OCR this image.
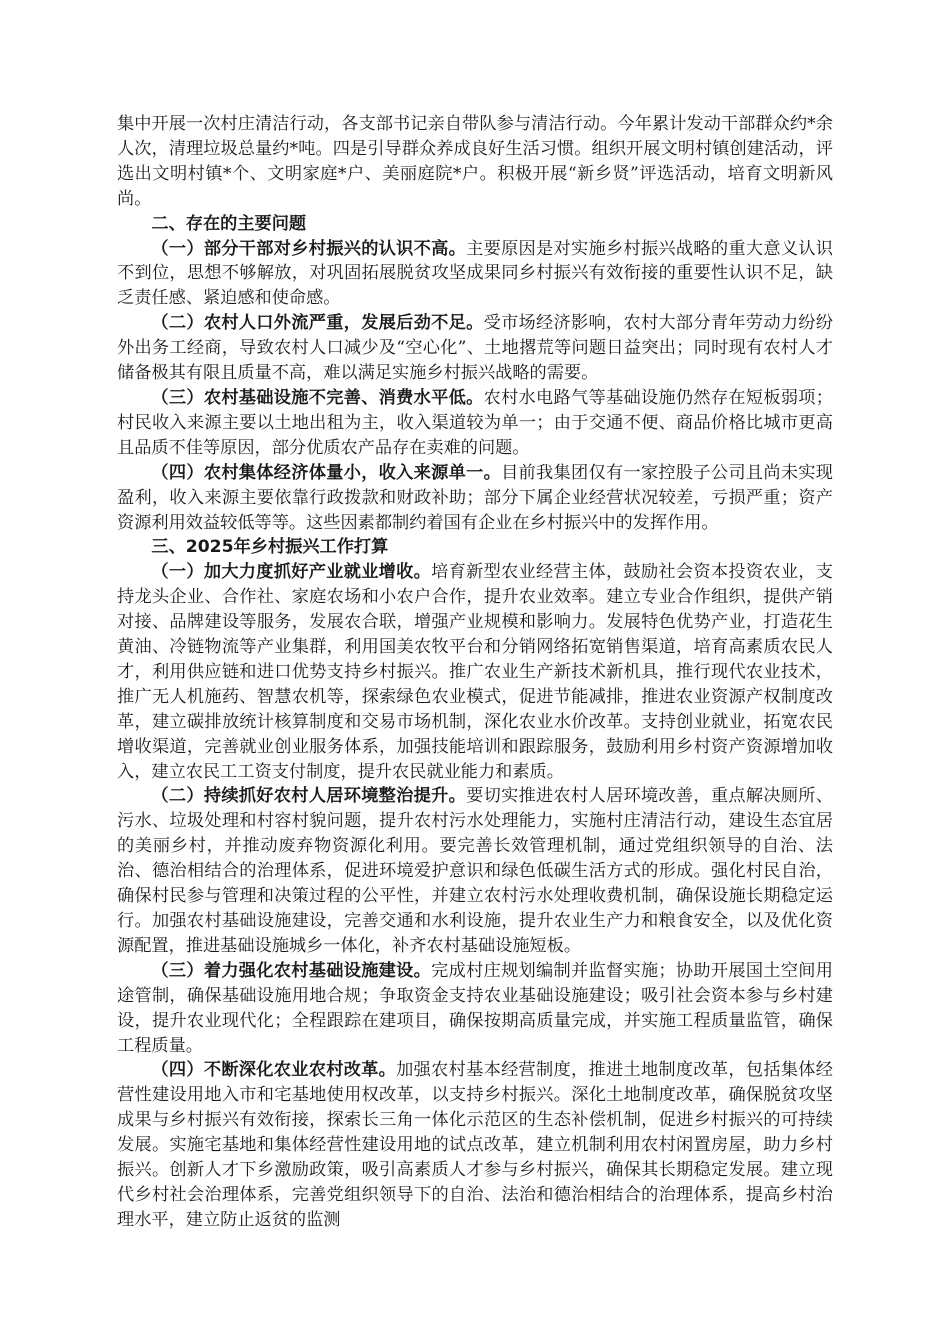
集中开展一次村庄清洁行动，各支部书记亲自带队参与清洁行动。今年累计发动干部群众约*余人次，清理垃圾总量约*吨。四是引导群众养成良好生活习惯。组织开展文明村镇创建活动，评选出文明村镇*个、文明家庭*户、美丽庭院*户。积极开展“新乡贤”评选活动，培育文明新风尚。

二、存在的主要问题

（一）部分干部对乡村振兴的认识不高。主要原因是对实施乡村振兴战略的重大意义认识不到位，思想不够解放，对巩固拓展脱贫攻坚成果同乡村振兴有效衔接的重要性认识不足，缺乏责任感、紧迫感和使命感。

（二）农村人口外流严重，发展后劲不足。受市场经济影响，农村大部分青年劳动力纷纷外出务工经商，导致农村人口减少及“空心化”、土地撂荒等问题日益突出；同时现有农村人才储备极其有限且质量不高，难以满足实施乡村振兴战略的需要。

（三）农村基础设施不完善、消费水平低。农村水电路气等基础设施仍然存在短板弱项；村民收入来源主要以土地出租为主，收入渠道较为单一；由于交通不便、商品价格比城市更高且品质不佳等原因，部分优质农产品存在卖难的问题。

（四）农村集体经济体量小，收入来源单一。目前我集团仅有一家控股子公司且尚未实现盈利，收入来源主要依靠行政拨款和财政补助；部分下属企业经营状况较差，亏损严重；资产资源利用效益较低等等。这些因素都制约着国有企业在乡村振兴中的发挥作用。

三、2025年乡村振兴工作打算

（一）加大力度抓好产业就业增收。培育新型农业经营主体，鼓励社会资本投资农业，支持龙头企业、合作社、家庭农场和小农户合作，提升农业效率。建立专业合作组织，提供产销对接、品牌建设等服务，发展农合联，增强产业规模和影响力。发展特色优势产业，打造花生黄油、冷链物流等产业集群，利用国美农牧平台和分销网络拓宽销售渠道，培育高素质农民人才，利用供应链和进口优势支持乡村振兴。推广农业生产新技术新机具，推行现代农业技术，推广无人机施药、智慧农机等，探索绿色农业模式，促进节能减排，推进农业资源产权制度改革，建立碳排放统计核算制度和交易市场机制，深化农业水价改革。支持创业就业，拓宽农民增收渠道，完善就业创业服务体系，加强技能培训和跟踪服务，鼓励利用乡村资产资源增加收入，建立农民工工资支付制度，提升农民就业能力和素质。

（二）持续抓好农村人居环境整治提升。要切实推进农村人居环境改善，重点解决厕所、污水、垃圾处理和村容村貌问题，提升农村污水处理能力，实施村庄清洁行动，建设生态宜居的美丽乡村，并推动废弃物资源化利用。要完善长效管理机制，通过党组织领导的自治、法治、德治相结合的治理体系，促进环境爱护意识和绿色低碳生活方式的形成。强化村民自治，确保村民参与管理和决策过程的公平性，并建立农村污水处理收费机制，确保设施长期稳定运行。加强农村基础设施建设，完善交通和水利设施，提升农业生产力和粮食安全，以及优化资源配置，推进基础设施城乡一体化，补齐农村基础设施短板。

（三）着力强化农村基础设施建设。完成村庄规划编制并监督实施；协助开展国土空间用途管制，确保基础设施用地合规；争取资金支持农业基础设施建设；吸引社会资本参与乡村建设，提升农业现代化；全程跟踪在建项目，确保按期高质量完成，并实施工程质量监管，确保工程质量。

（四）不断深化农业农村改革。加强农村基本经营制度，推进土地制度改革，包括集体经营性建设用地入市和宅基地使用权改革，以支持乡村振兴。深化土地制度改革，确保脱贫攻坚成果与乡村振兴有效衔接，探索长三角一体化示范区的生态补偿机制，促进乡村振兴的可持续发展。实施宅基地和集体经营性建设用地的试点改革，建立机制利用农村闲置房屋，助力乡村振兴。创新人才下乡激励政策，吸引高素质人才参与乡村振兴，确保其长期稳定发展。建立现代乡村社会治理体系，完善党组织领导下的自治、法治和德治相结合的治理体系，提高乡村治理水平，建立防止返贫的监测
